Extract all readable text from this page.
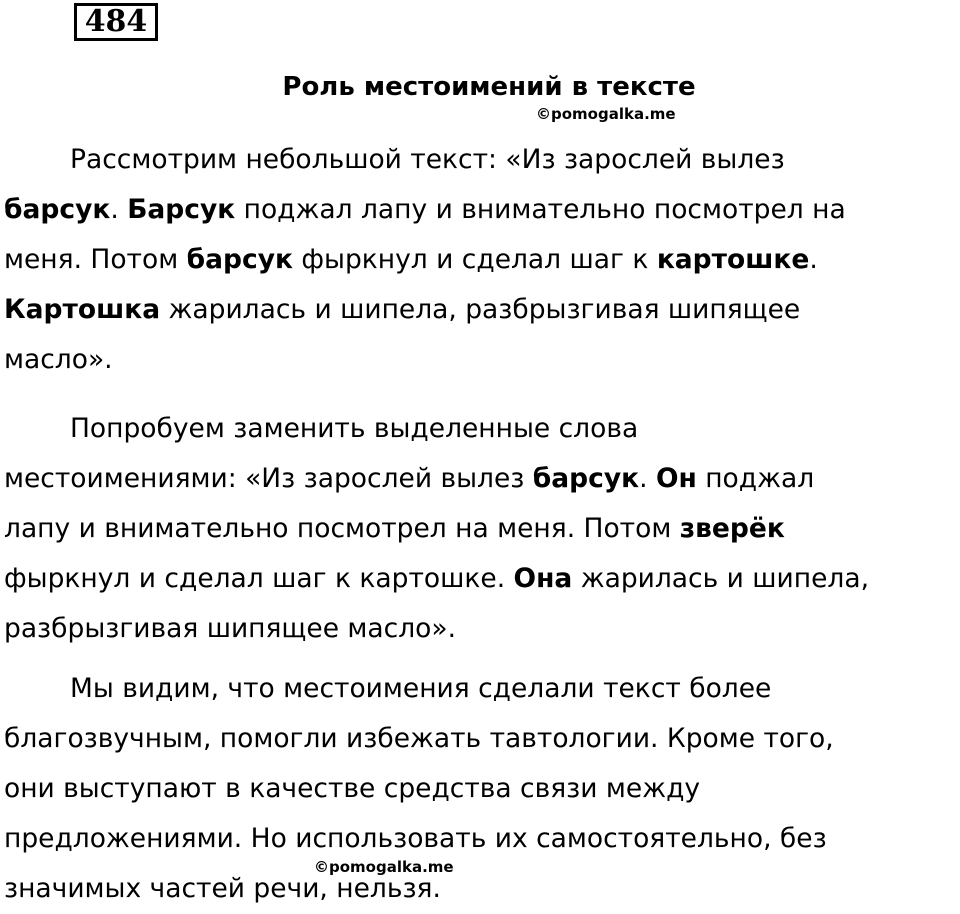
484
Роль местоимений в тексте
©pomogalka.me
Рассмотрим небольшой текст: «Из зарослей вылез
барсук. Барсук поджал лапу и внимательно посмотрел на
меня. Потом барсук фыркнул и сделал шаг к картошке.
Картошка жарилась и шипела, разбрызгивая шипящее
масло».
Попробуем заменить выделенные слова
местоимениями: «Из зарослей вылез барсук. Он поджал
лапу и внимательно посмотрел на меня. Потом зверёк
фыркнул и сделал шаг к картошке. Она жарилась и шипела,
разбрызгивая шипящее масло».
Мы видим, что местоимения сделали текст более
благозвучным, помогли избежать тавтологии. Кроме того,
они выступают в качестве средства связи между
предложениями. Но использовать их самостоятельно, без
значимых частей речи, нельзя.
©pomogalka.me
